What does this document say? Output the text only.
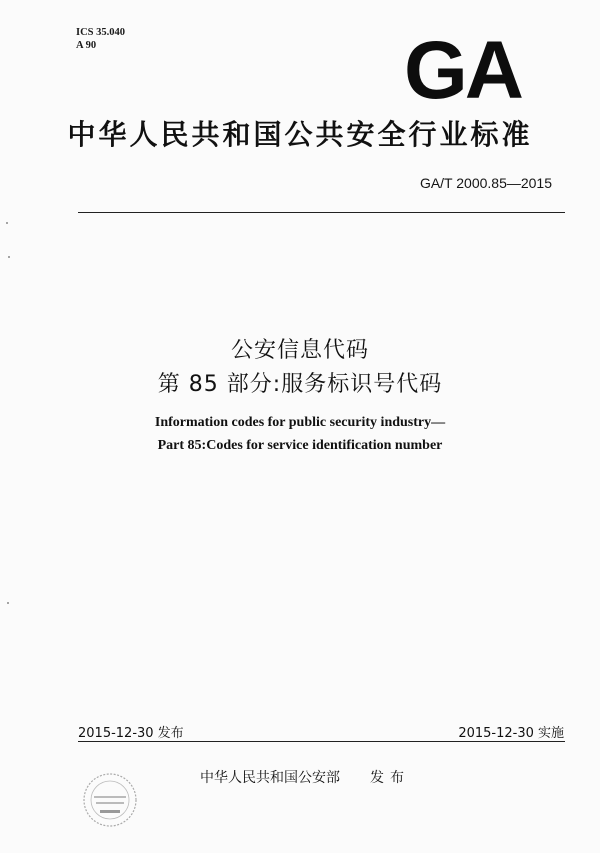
ICS 35.040
A 90	GA
中华人民共和国公共安全行业标准
GA/T 2000.85—2015
公安信息代码
第 85 部分:服务标识号代码
Information codes for public security industry—
Part 85:Codes for service identification number
2015-12-30 发布	2015-12-30 实施
中华人民共和国公安部 发布
